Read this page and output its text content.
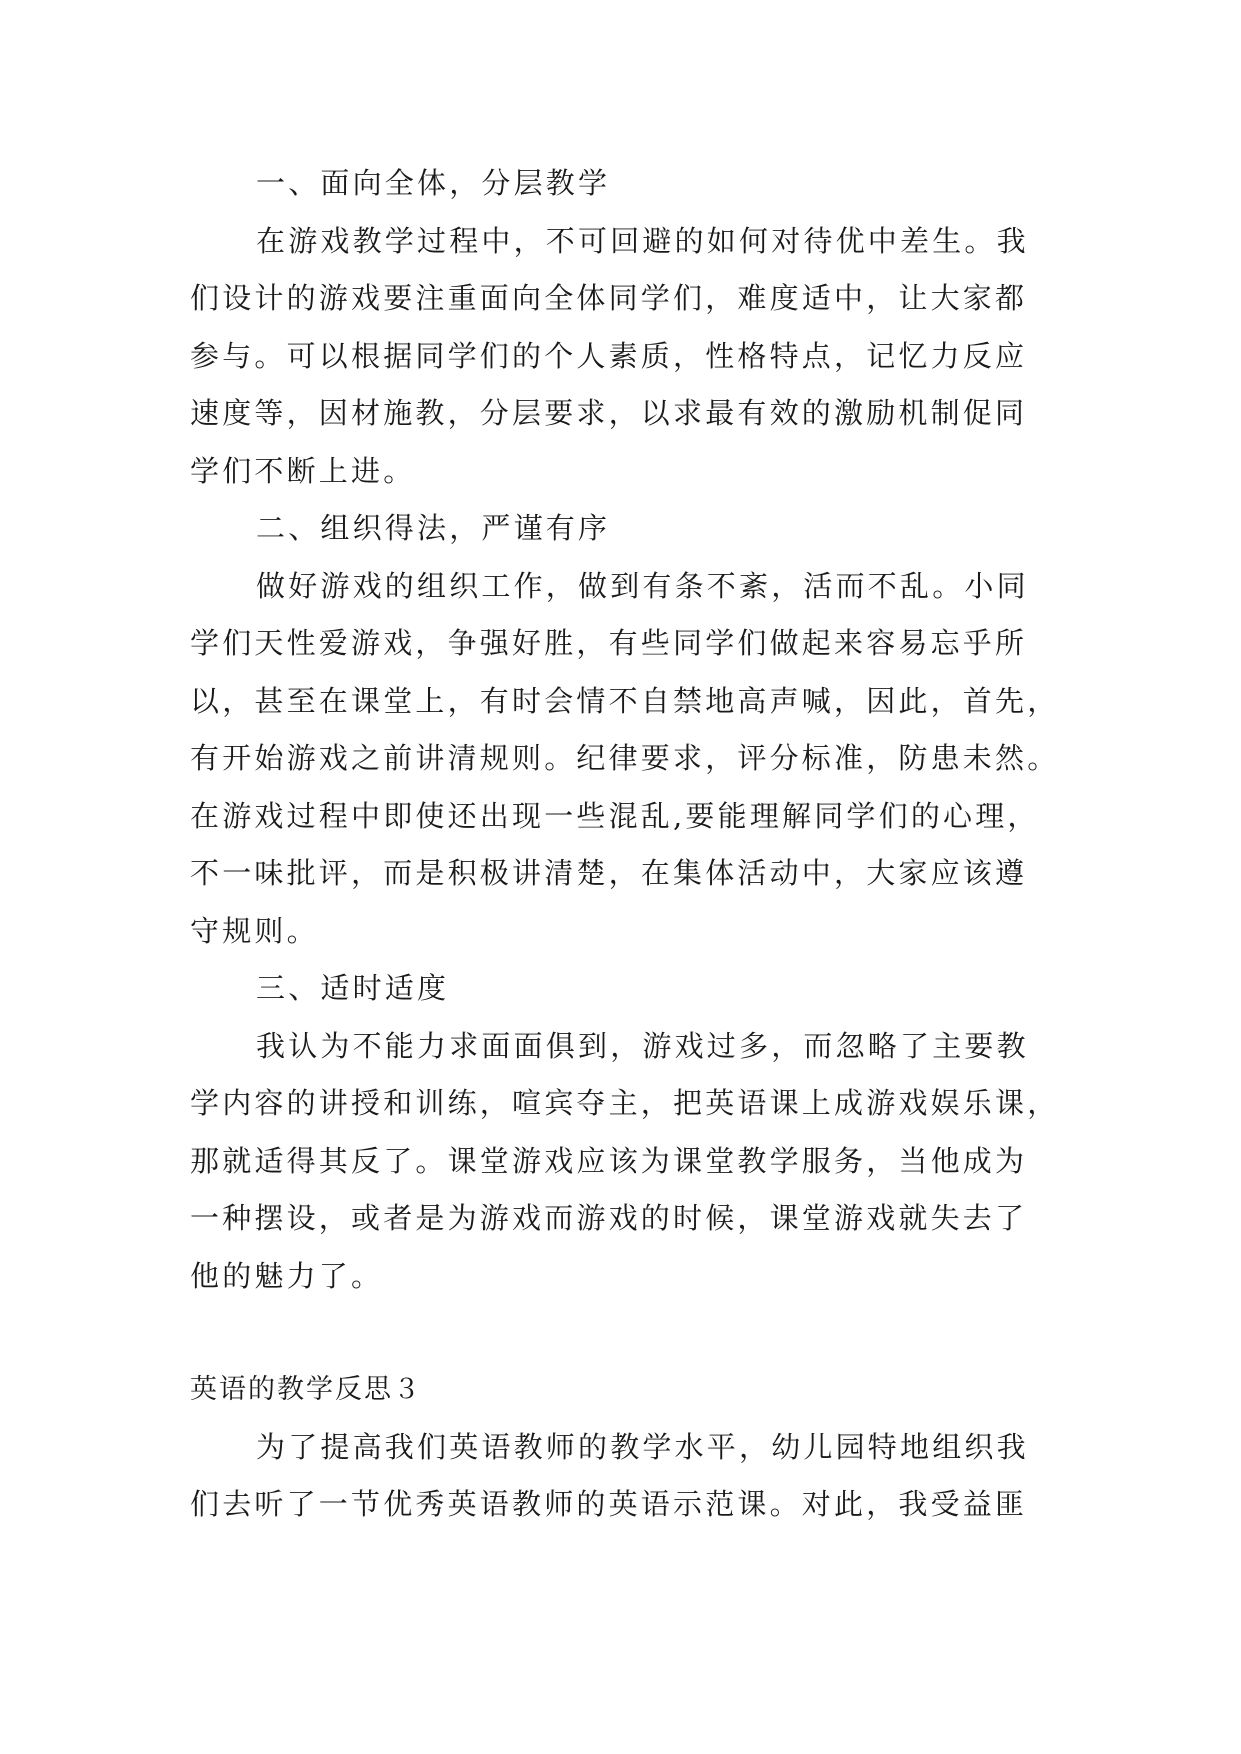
一、面向全体，分层教学

在游戏教学过程中，不可回避的如何对待优中差生。我

们设计的游戏要注重面向全体同学们，难度适中，让大家都

参与。可以根据同学们的个人素质，性格特点，记忆力反应

速度等，因材施教，分层要求，以求最有效的激励机制促同

学们不断上进。

二、组织得法，严谨有序

做好游戏的组织工作，做到有条不紊，活而不乱。小同

学们天性爱游戏，争强好胜，有些同学们做起来容易忘乎所

以，甚至在课堂上，有时会情不自禁地高声喊，因此，首先，

有开始游戏之前讲清规则。纪律要求，评分标准，防患未然。

在游戏过程中即使还出现一些混乱,要能理解同学们的心理，

不一味批评，而是积极讲清楚，在集体活动中，大家应该遵

守规则。

三、适时适度

我认为不能力求面面俱到，游戏过多，而忽略了主要教

学内容的讲授和训练，喧宾夺主，把英语课上成游戏娱乐课，

那就适得其反了。课堂游戏应该为课堂教学服务，当他成为

一种摆设，或者是为游戏而游戏的时候，课堂游戏就失去了

他的魅力了。

英语的教学反思３

为了提高我们英语教师的教学水平，幼儿园特地组织我

们去听了一节优秀英语教师的英语示范课。对此，我受益匪
